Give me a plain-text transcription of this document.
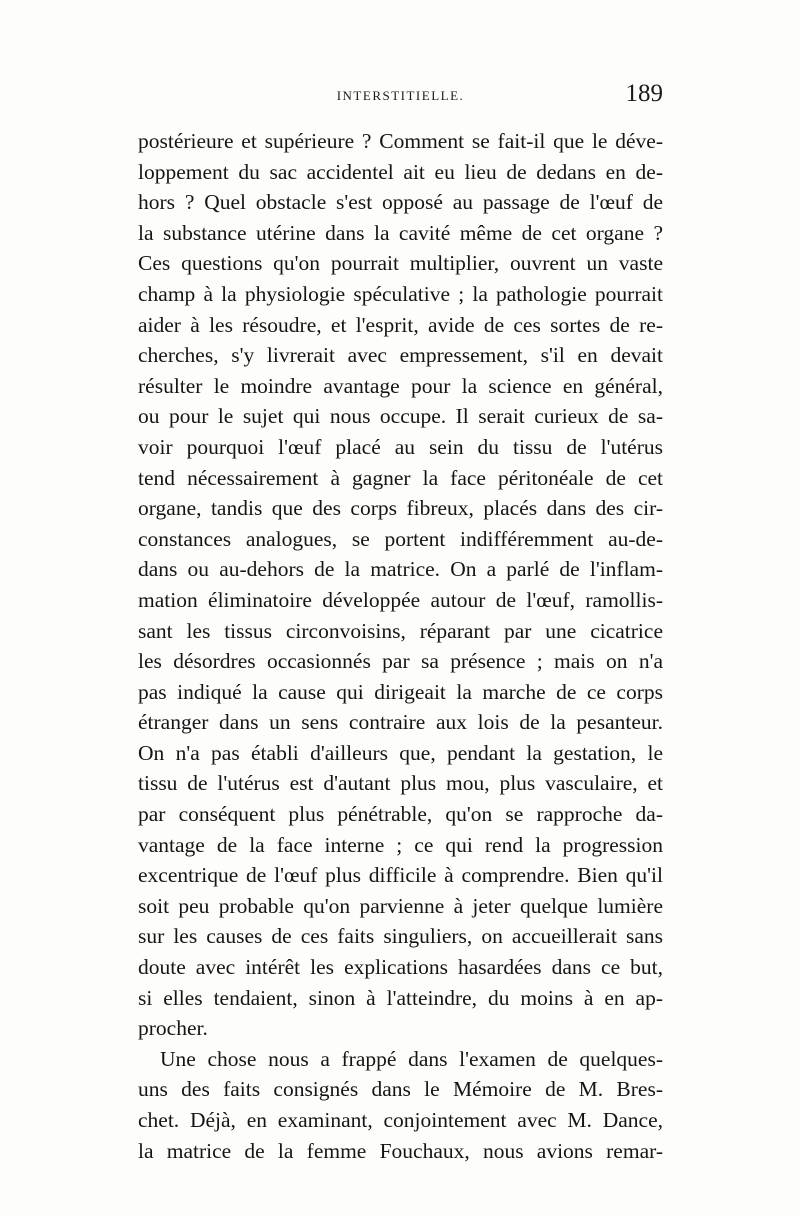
INTERSTITIELLE.	189
postérieure et supérieure ? Comment se fait-il que le déve-
loppement du sac accidentel ait eu lieu de dedans en de-
hors ? Quel obstacle s'est opposé au passage de l'œuf de
la substance utérine dans la cavité même de cet organe ?
Ces questions qu'on pourrait multiplier, ouvrent un vaste
champ à la physiologie spéculative ; la pathologie pourrait
aider à les résoudre, et l'esprit, avide de ces sortes de re-
cherches, s'y livrerait avec empressement, s'il en devait
résulter le moindre avantage pour la science en général,
ou pour le sujet qui nous occupe. Il serait curieux de sa-
voir pourquoi l'œuf placé au sein du tissu de l'utérus
tend nécessairement à gagner la face péritonéale de cet
organe, tandis que des corps fibreux, placés dans des cir-
constances analogues, se portent indifféremment au-de-
dans ou au-dehors de la matrice. On a parlé de l'inflam-
mation éliminatoire développée autour de l'œuf, ramollis-
sant les tissus circonvoisins, réparant par une cicatrice
les désordres occasionnés par sa présence ; mais on n'a
pas indiqué la cause qui dirigeait la marche de ce corps
étranger dans un sens contraire aux lois de la pesanteur.
On n'a pas établi d'ailleurs que, pendant la gestation, le
tissu de l'utérus est d'autant plus mou, plus vasculaire, et
par conséquent plus pénétrable, qu'on se rapproche da-
vantage de la face interne ; ce qui rend la progression
excentrique de l'œuf plus difficile à comprendre. Bien qu'il
soit peu probable qu'on parvienne à jeter quelque lumière
sur les causes de ces faits singuliers, on accueillerait sans
doute avec intérêt les explications hasardées dans ce but,
si elles tendaient, sinon à l'atteindre, du moins à en ap-
procher.
Une chose nous a frappé dans l'examen de quelques-
uns des faits consignés dans le Mémoire de M. Bres-
chet. Déjà, en examinant, conjointement avec M. Dance,
la matrice de la femme Fouchaux, nous avions remar-
